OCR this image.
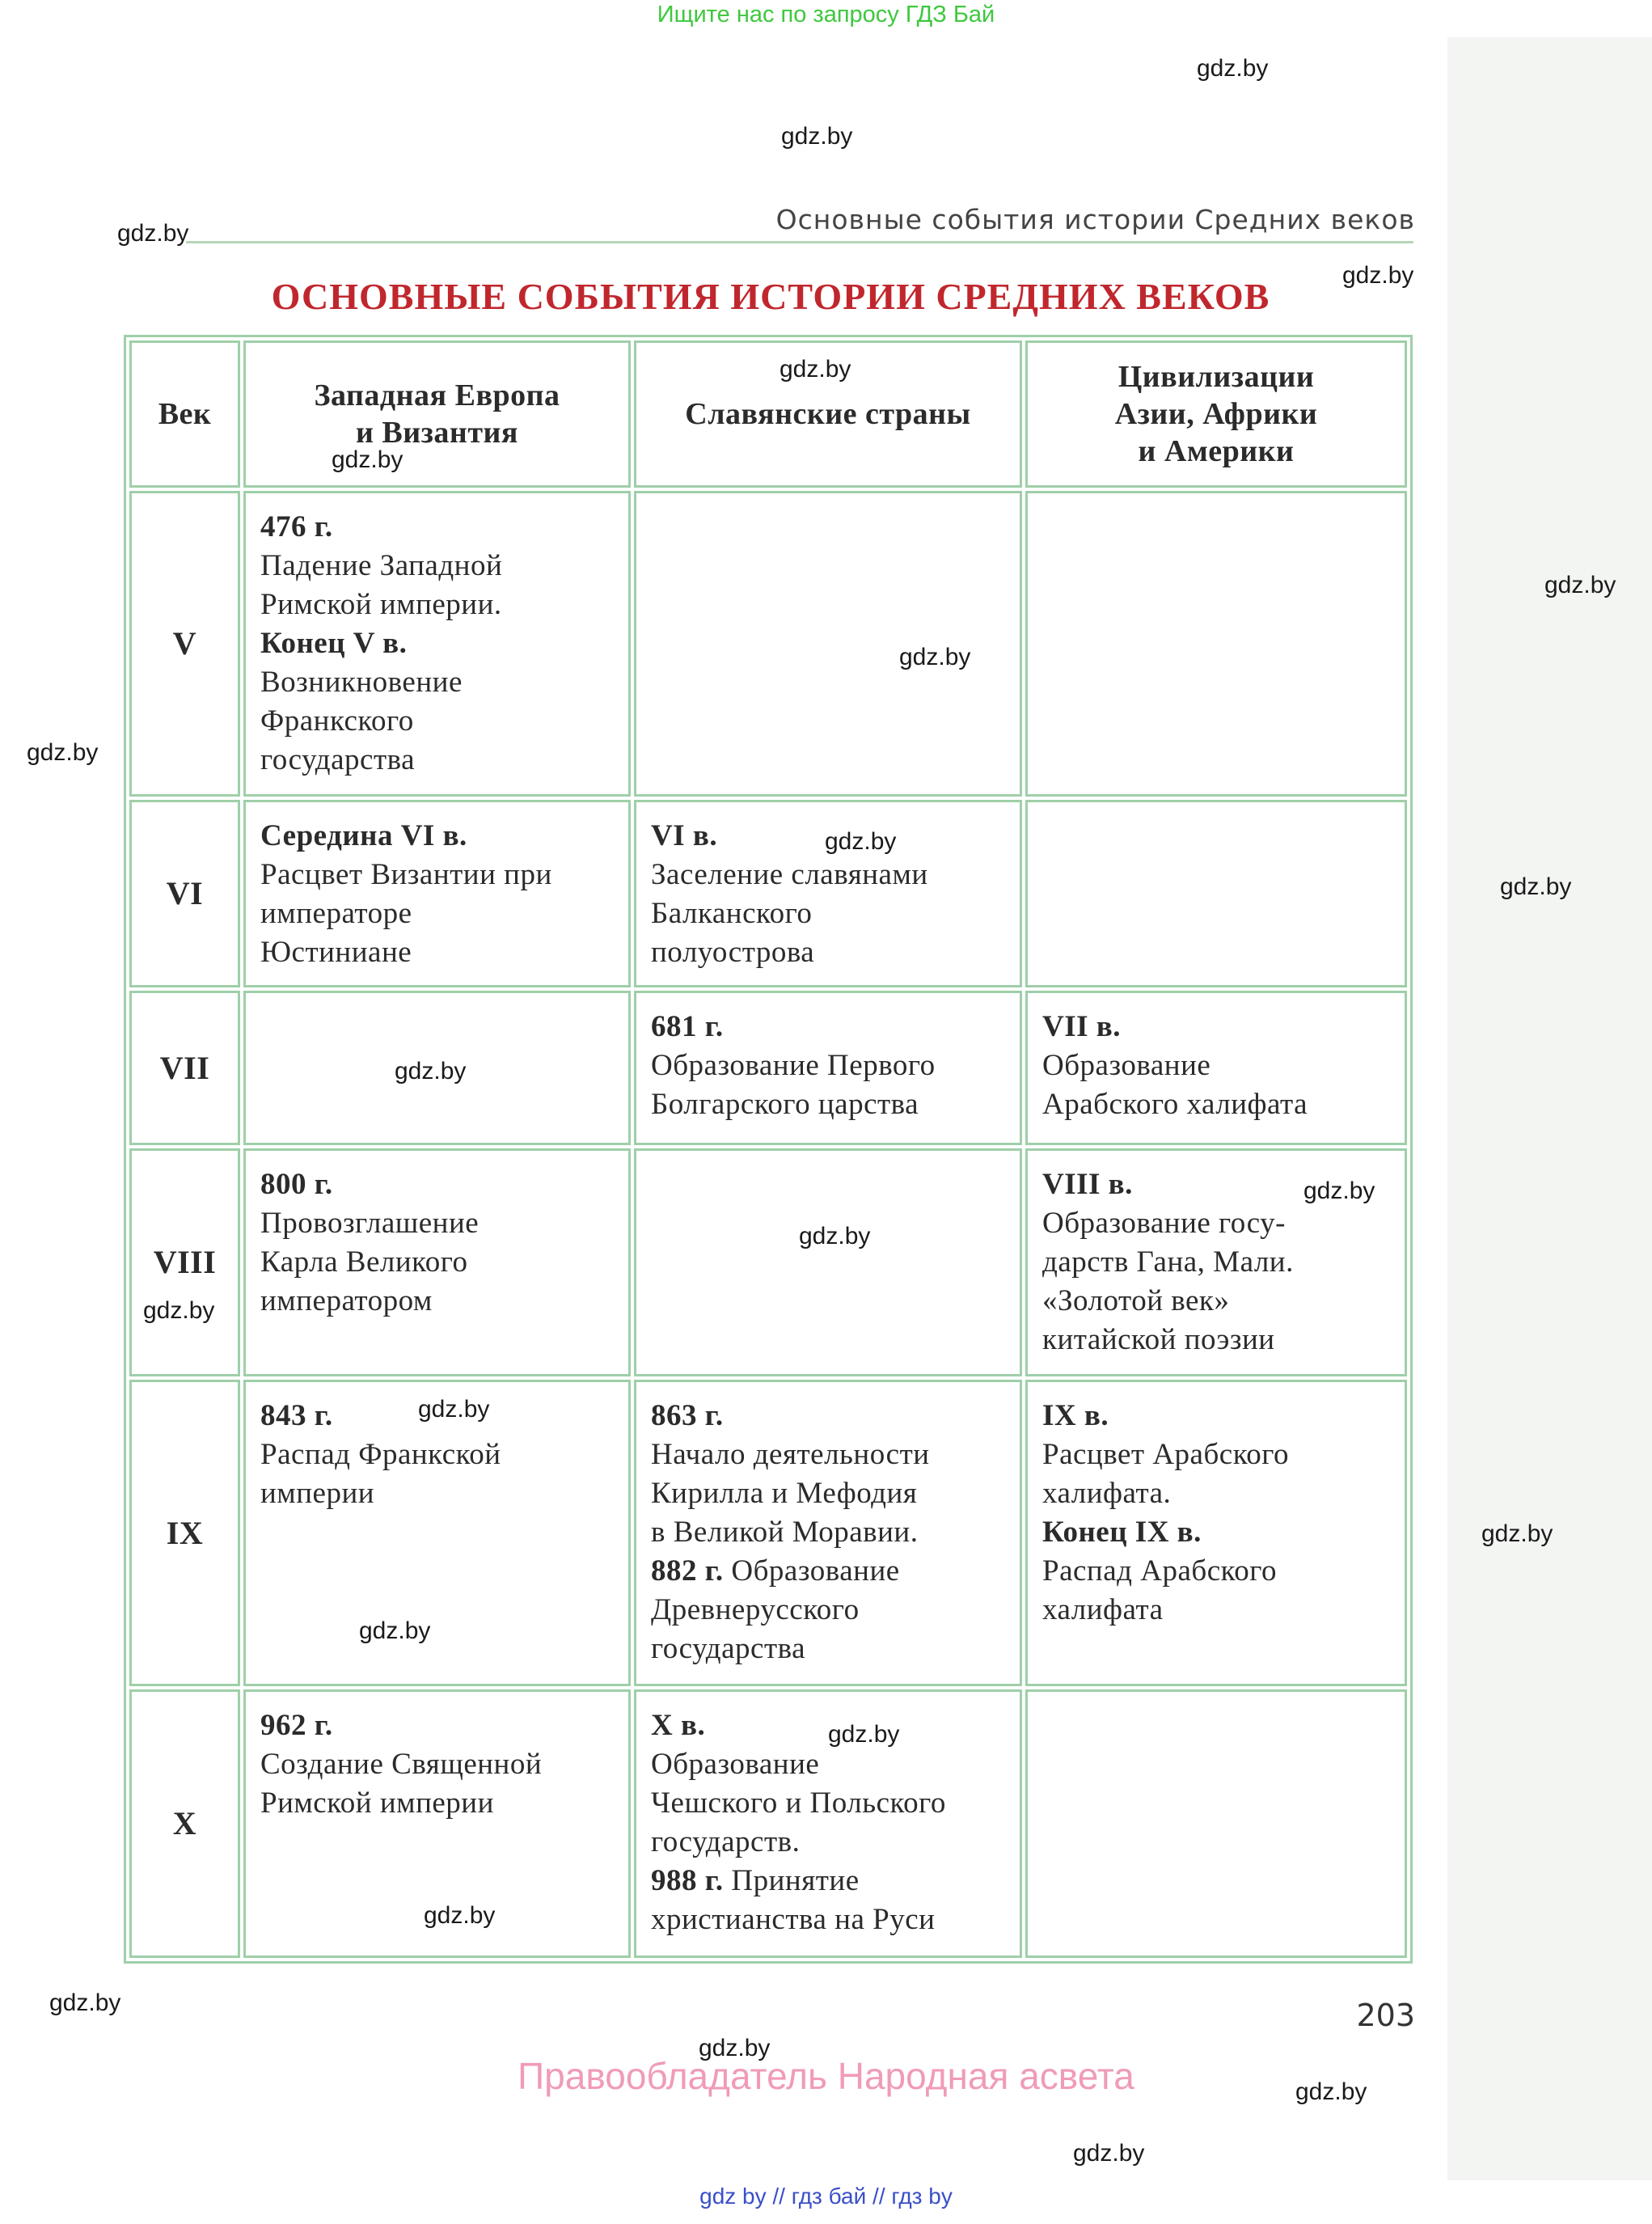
Ищите нас по запросу ГДЗ Бай
Основные события истории Средних веков
ОСНОВНЫЕ СОБЫТИЯ ИСТОРИИ СРЕДНИХ ВЕКОВ
Век
Западная Европа
и Византия
Славянские страны
Цивилизации
Азии, Африки
и Америки
V
476 г.
Падение Западной
Римской империи.
Конец V в.
Возникновение
Франкского
государства
VI
Середина VI в.
Расцвет Византии при
императоре
Юстиниане
VI в.
Заселение славянами
Балканского
полуострова
VII
681 г.
Образование Первого
Болгарского царства
VII в.
Образование
Арабского халифата
VIII
800 г.
Провозглашение
Карла Великого
императором
VIII в.
Образование госу-
дарств Гана, Мали.
«Золотой век»
китайской поэзии
IX
843 г.
Распад Франкской
империи
863 г.
Начало деятельности
Кирилла и Мефодия
в Великой Моравии.
882 г. Образование
Древнерусского
государства
IX в.
Расцвет Арабского
халифата.
Конец IX в.
Распад Арабского
халифата
X
962 г.
Создание Священной
Римской империи
X в.
Образование
Чешского и Польского
государств.
988 г. Принятие
христианства на Руси
gdz.by
gdz.by
gdz.by
gdz.by
gdz.by
gdz.by
gdz.by
gdz.by
gdz.by
gdz.by
gdz.by
gdz.by
gdz.by
gdz.by
gdz.by
gdz.by
gdz.by
gdz.by
gdz.by
gdz.by
gdz.by
gdz.by
gdz.by
gdz.by
203
Правообладатель Народная асвета
gdz by // гдз бай // гдз by
